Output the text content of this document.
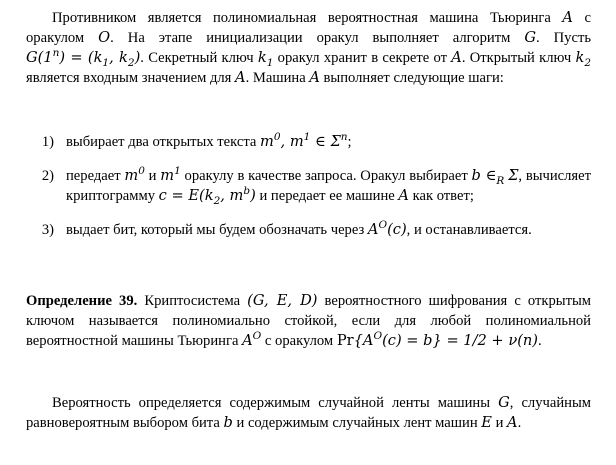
Противником является полиномиальная вероятностная машина Тьюринга A с оракулом O. На этапе инициализации оракул выполняет алгоритм G. Пусть $G(1^n) = (k_1$, $k_2$). Секретный ключ $k_1$ оракул хранит в секрете от A. Открытый ключ $k_2$ является входным значением для A. Машина A выполняет следующие шаги:

1) выбирает два открытых текста $m^0$, $m^1$ ∈ $\Sigma^n$;
2) передает $m^0$ и $m^1$ оракулу в качестве запроса. Оракул выбирает b $\in_R$ Σ, вычисляет криптограмму $c = E(k_2$, $m^b$) и передает ее машине A как ответ;
3) выдает бит, который мы будем обозначать через $A^O(c)$, и останавливается.

Определение 39. Криптосистема (G, E, D) вероятностного шифрования с открытым ключом называется полиномиально стойкой, если для любой полиномиальной вероятностной машины Тьюринга $A^O$ с оракулом $Pr\{A^O(c) = b\} = 1/2 + \nu(n)$.

Вероятность определяется содержимым случайной ленты машины G, случайным равновероятным выбором бита b и содержимым случайных лент машин E и A.
